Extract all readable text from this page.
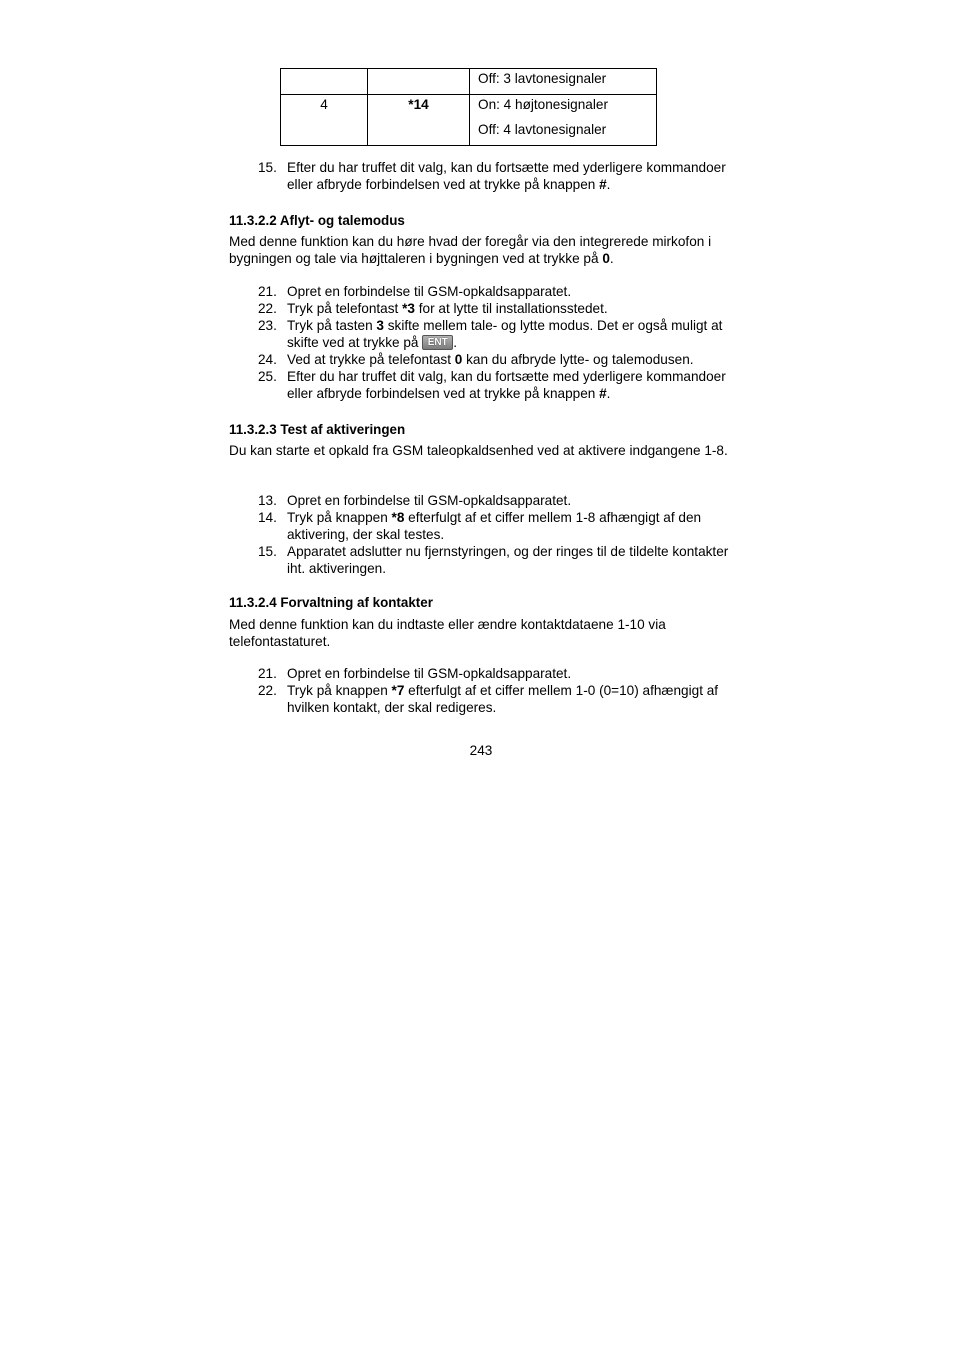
		Off: 3 lavtonesignaler

4	*14	On: 4 højtonesignaler
Off: 4 lavtonesignaler
15. Efter du har truffet dit valg, kan du fortsætte med yderligere kommandoer eller afbryde forbindelsen ved at trykke på knappen #.
11.3.2.2 Aflyt- og talemodus
Med denne funktion kan du høre hvad der foregår via den integrerede mirkofon i bygningen og tale via højttaleren i bygningen ved at trykke på 0.
21. Opret en forbindelse til GSM-opkaldsapparatet.
22. Tryk på telefontast *3 for at lytte til installationsstedet.
23. Tryk på tasten 3 skifte mellem tale- og lytte modus. Det er også muligt at skifte ved at trykke på ENT .
24. Ved at trykke på telefontast 0 kan du afbryde lytte- og talemodusen.
25. Efter du har truffet dit valg, kan du fortsætte med yderligere kommandoer eller afbryde forbindelsen ved at trykke på knappen #.
11.3.2.3 Test af aktiveringen
Du kan starte et opkald fra GSM taleopkaldsenhed ved at aktivere indgangene 1-8.
13. Opret en forbindelse til GSM-opkaldsapparatet.
14. Tryk på knappen *8 efterfulgt af et ciffer mellem 1-8 afhængigt af den aktivering, der skal testes.
15. Apparatet adslutter nu fjernstyringen, og der ringes til de tildelte kontakter iht. aktiveringen.
11.3.2.4 Forvaltning af kontakter
Med denne funktion kan du indtaste eller ændre kontaktdataene 1-10 via telefontastaturet.
21. Opret en forbindelse til GSM-opkaldsapparatet.
22. Tryk på knappen *7 efterfulgt af et ciffer mellem 1-0 (0=10) afhængigt af hvilken kontakt, der skal redigeres.
243
